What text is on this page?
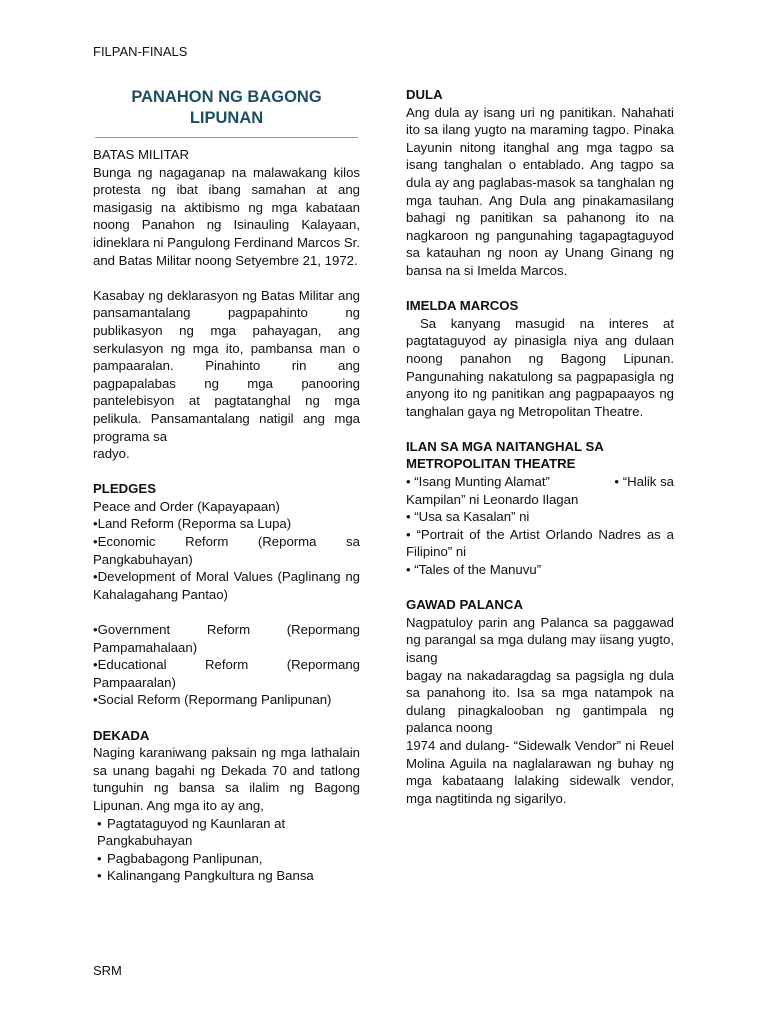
FILPAN-FINALS
PANAHON NG BAGONG LIPUNAN
BATAS MILITAR

Bunga ng nagaganap na malawakang kilos protesta ng ibat ibang samahan at ang masigasig na aktibismo ng mga kabataan noong Panahon ng Isinauling Kalayaan, idineklara ni Pangulong Ferdinand Marcos Sr. and Batas Militar noong Setyembre 21, 1972.

Kasabay ng deklarasyon ng Batas Militar ang pansamantalang pagpapahinto ng publikasyon ng mga pahayagan, ang serkulasyon ng mga ito, pambansa man o pampaaralan. Pinahinto rin ang pagpapalabas ng mga panooring pantelebisyon at pagtatanghal ng mga pelikula. Pansamantalang natigil ang mga programa sa

radyo.
PLEDGES
Peace and Order (Kapayapaan)

•Land Reform (Reporma sa Lupa)

•Economic Reform (Reporma sa Pangkabuhayan)

•Development of Moral Values (Paglinang ng Kahalagahang Pantao)

•Government Reform (Repormang Pampamahalaan)

•Educational Reform (Repormang Pampaaralan)

•Social Reform (Repormang Panlipunan)

DEKADA

Naging karaniwang paksain ng mga lathalain sa unang bagahi ng Dekada 70 and tatlong tunguhin ng bansa sa ilalim ng Bagong Lipunan. Ang mga ito ay ang,

• Pagtataguyod ng Kaunlaran at Pangkabuhayan
• Pagbabagong Panlipunan,
• Kalinangang Pangkultura ng Bansa
DULA

Ang dula ay isang uri ng panitikan. Nahahati ito sa ilang yugto na maraming tagpo. Pinaka Layunin nitong itanghal ang mga tagpo sa isang tanghalan o entablado. Ang tagpo sa dula ay ang paglabas-masok sa tanghalan ng mga tauhan. Ang Dula ang pinakamasilang bahagi ng panitikan sa pahanong ito na nagkaroon ng pangunahing tagapagtaguyod sa katauhan ng noon ay Unang Ginang ng bansa na si Imelda Marcos.

IMELDA MARCOS

Sa kanyang masugid na interes at pagtataguyod ay pinasigla niya ang dulaan noong panahon ng Bagong Lipunan. Pangunahing nakatulong sa pagpapasigla ng anyong ito ng panitikan ang pagpapaayos ng tanghalan gaya ng Metropolitan Theatre.

ILAN SA MGA NAITANGHAL SA
METROPOLITAN THEATRE
• “Isang Munting Alamat”	• “Halik sa
Kampilan” ni Leonardo Ilagan
• “Usa sa Kasalan” ni

• “Portrait of the Artist Orlando Nadres as a Filipino” ni

• “Tales of the Manuvu”
GAWAD PALANCA

Nagpatuloy parin ang Palanca sa paggawad ng parangal sa mga dulang may iisang yugto, isang

bagay na nakadaragdag sa pagsigla ng dula sa panahong ito. Isa sa mga natampok na dulang pinagkalooban ng gantimpala ng palanca noong

1974 and dulang- “Sidewalk Vendor” ni Reuel Molina Aguila na naglalarawan ng buhay ng mga kabataang lalaking sidewalk vendor, mga nagtitinda ng sigarilyo.

SRM
